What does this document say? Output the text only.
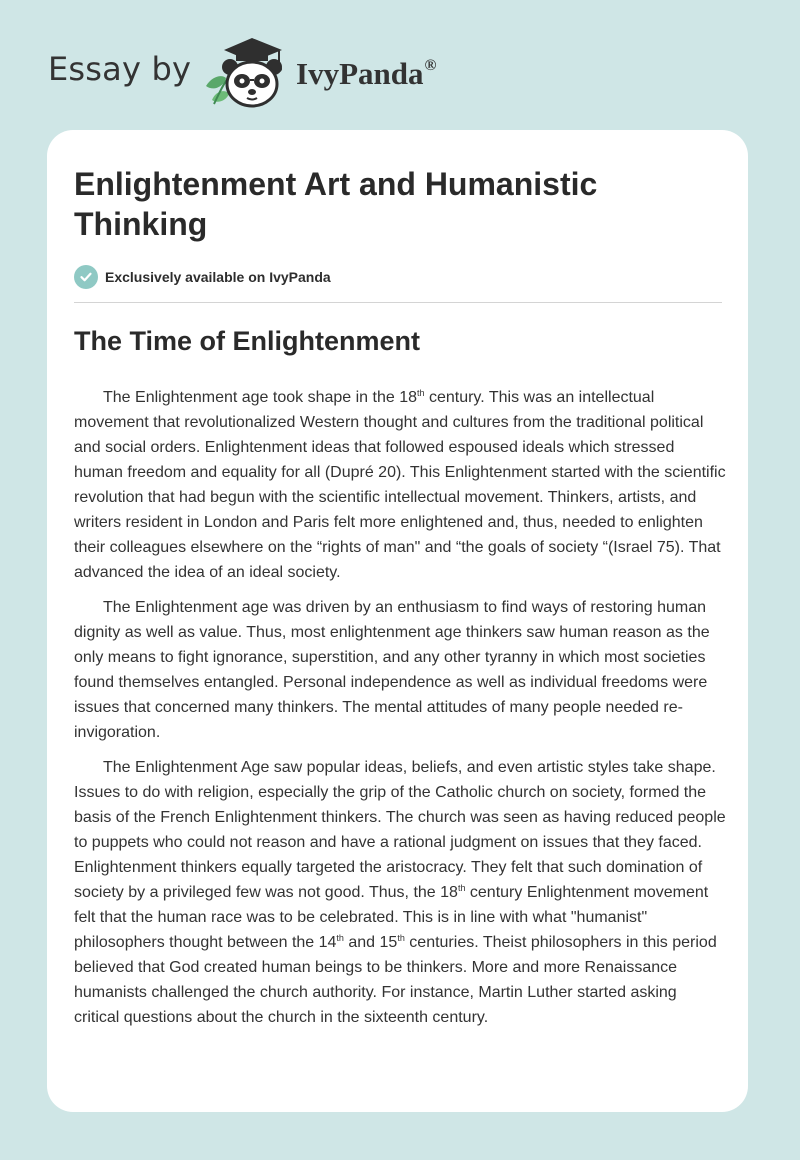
Essay by	IvyPanda®
Enlightenment Art and Humanistic Thinking
Exclusively available on IvyPanda
The Time of Enlightenment

The Enlightenment age took shape in the 18th century. This was an intellectual movement that revolutionalized Western thought and cultures from the traditional political and social orders. Enlightenment ideas that followed espoused ideals which stressed human freedom and equality for all (Dupré 20). This Enlightenment started with the scientific revolution that had begun with the scientific intellectual movement. Thinkers, artists, and writers resident in London and Paris felt more enlightened and, thus, needed to enlighten their colleagues elsewhere on the “rights of man" and “the goals of society “(Israel 75). That advanced the idea of an ideal society.

The Enlightenment age was driven by an enthusiasm to find ways of restoring human dignity as well as value. Thus, most enlightenment age thinkers saw human reason as the only means to fight ignorance, superstition, and any other tyranny in which most societies found themselves entangled. Personal independence as well as individual freedoms were issues that concerned many thinkers. The mental attitudes of many people needed re-invigoration.

The Enlightenment Age saw popular ideas, beliefs, and even artistic styles take shape. Issues to do with religion, especially the grip of the Catholic church on society, formed the basis of the French Enlightenment thinkers. The church was seen as having reduced people to puppets who could not reason and have a rational judgment on issues that they faced. Enlightenment thinkers equally targeted the aristocracy. They felt that such domination of society by a privileged few was not good. Thus, the 18th century Enlightenment movement felt that the human race was to be celebrated. This is in line with what "humanist" philosophers thought between the 14th and 15th centuries. Theist philosophers in this period believed that God created human beings to be thinkers. More and more Renaissance humanists challenged the church authority. For instance, Martin Luther started asking critical questions about the church in the sixteenth century.
